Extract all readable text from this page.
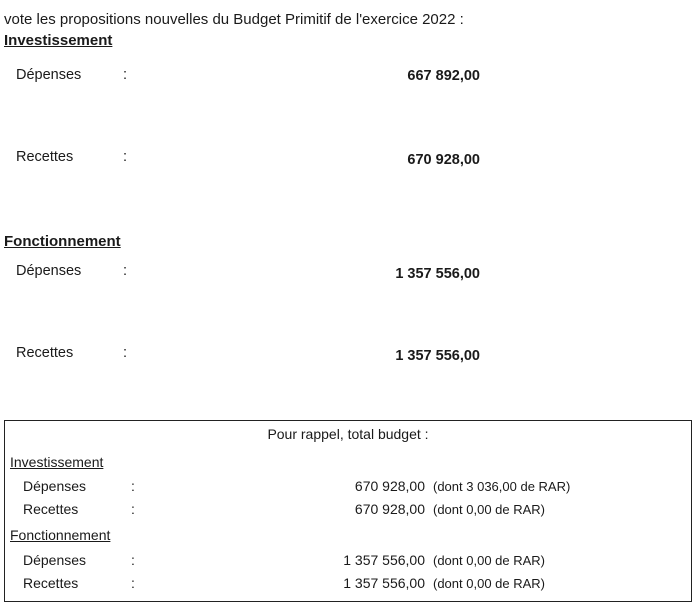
vote les propositions nouvelles du Budget Primitif de l'exercice 2022 :
Investissement
Dépenses	:	667 892,00
Recettes	:	670 928,00
Fonctionnement
Dépenses	:	1 357 556,00
Recettes	:	1 357 556,00
Pour rappel, total budget :
Investissement
Dépenses	:	670 928,00 (dont 3 036,00 de RAR)
Recettes	:	670 928,00 (dont 0,00 de RAR)
Fonctionnement
Dépenses	:	1 357 556,00 (dont 0,00 de RAR)
Recettes	:	1 357 556,00 (dont 0,00 de RAR)
